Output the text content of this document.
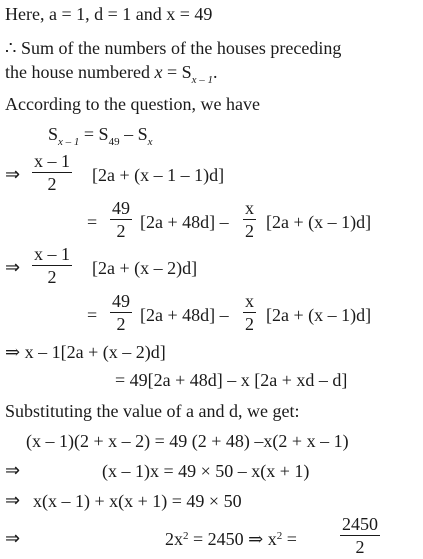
Here, a = 1, d = 1 and x = 49
∴ Sum of the numbers of the houses preceding
the house numbered $x = S_{x - 1}$.
According to the question, we have
$S_{x - 1} = S_{49} - S_x$
⇒ $\frac{x - 1}{2} [2a + (x - 1 - 1)d]$
= $\frac{49}{2} [2a + 48d] - \frac{x}{2} [2a + (x - 1)d]$
⇒ $\frac{x - 1}{2} [2a + (x - 2)d]$
= $\frac{49}{2} [2a + 48d] - \frac{x}{2} [2a + (x - 1)d]$
⇒ x – 1[2a + (x – 2)d]
= 49[2a + 48d] – x [2a + xd – d]
Substituting the value of a and d, we get:
(x – 1)(2 + x – 2) = 49 (2 + 48) –x(2 + x – 1)
⇒	(x – 1)x = 49 × 50 – x(x + 1)
⇒ x(x – 1) + x(x + 1) = 49 × 50
⇒	$2x^2 = 2450$ ⇒ $x^2 = \frac{2450}{2}$
